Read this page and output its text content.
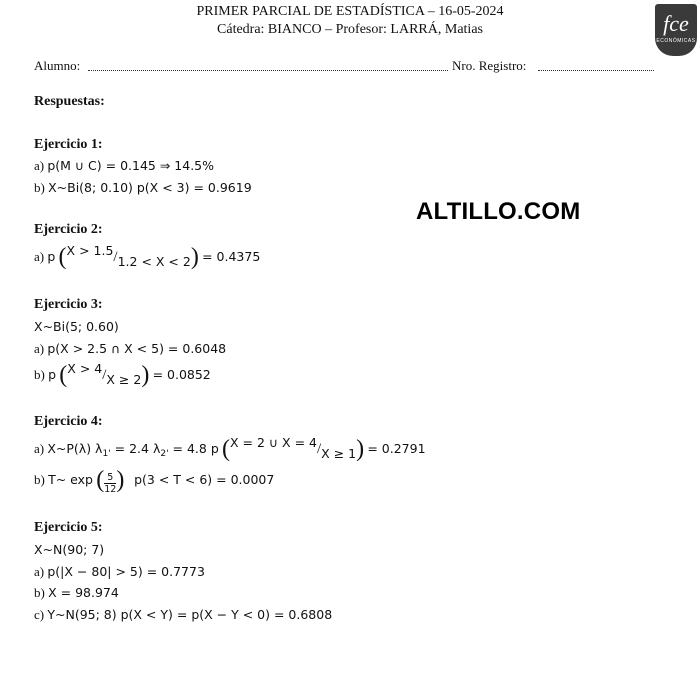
PRIMER PARCIAL DE ESTADÍSTICA – 16-05-2024
Cátedra: BIANCO – Profesor: LARRÁ, Matias	fce
ECONÓMICAS
Alumno:	Nro. Registro:
Respuestas:
ALTILLO.COM
Ejercicio 1:
a) p(M ∪ C) = 0.145 ⇒ 14.5%
b) X~Bi(8; 0.10) p(X < 3) = 0.9619
Ejercicio 2:
a) p (X > 1.5/1.2 < X < 2) = 0.4375
Ejercicio 3:
X~Bi(5; 0.60)
a) p(X > 2.5 ∩ X < 5) = 0.6048
b) p (X > 4/X ≥ 2) = 0.0852
Ejercicio 4:
a) X~P(λ) $\lambda_{1'} = 2.4$ $\lambda_{2'} = 4.8$ p (X = 2 ∪ X = 4/X ≥ 1) = 0.2791
b) T~ exp ( $\frac{5}{12}$ ) p(3 < T < 6) = 0.0007
Ejercicio 5:
X~N(90; 7)
a) p(|X − 80| > 5) = 0.7773
b) X = 98.974
c) Y~N(95; 8) p(X < Y) = p(X − Y < 0) = 0.6808
